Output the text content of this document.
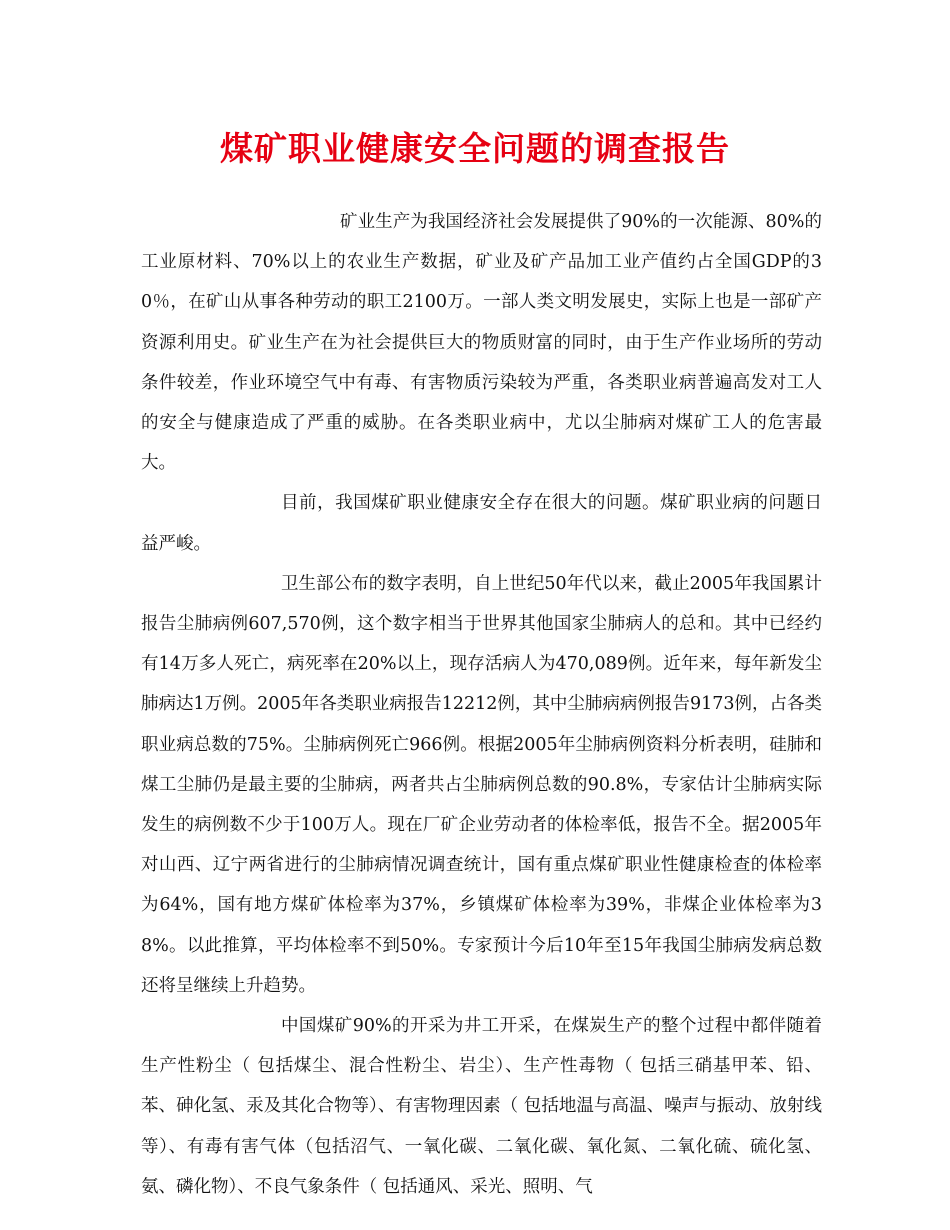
煤矿职业健康安全问题的调查报告

矿业生产为我国经济社会发展提供了90%的一次能源、80%的工业原材料、70%以上的农业生产数据，矿业及矿产品加工业产值约占全国GDP的30％，在矿山从事各种劳动的职工2100万。一部人类文明发展史，实际上也是一部矿产资源利用史。矿业生产在为社会提供巨大的物质财富的同时，由于生产作业场所的劳动条件较差，作业环境空气中有毒、有害物质污染较为严重，各类职业病普遍高发对工人的安全与健康造成了严重的威胁。在各类职业病中，尤以尘肺病对煤矿工人的危害最大。

目前，我国煤矿职业健康安全存在很大的问题。煤矿职业病的问题日益严峻。

卫生部公布的数字表明，自上世纪50年代以来，截止2005年我国累计报告尘肺病例607,570例，这个数字相当于世界其他国家尘肺病人的总和。其中已经约有14万多人死亡，病死率在20%以上，现存活病人为470,089例。近年来，每年新发尘肺病达1万例。2005年各类职业病报告12212例，其中尘肺病病例报告9173例，占各类职业病总数的75%。尘肺病例死亡966例。根据2005年尘肺病例资料分析表明，硅肺和煤工尘肺仍是最主要的尘肺病，两者共占尘肺病例总数的90.8%，专家估计尘肺病实际发生的病例数不少于100万人。现在厂矿企业劳动者的体检率低，报告不全。据2005年对山西、辽宁两省进行的尘肺病情况调查统计，国有重点煤矿职业性健康检查的体检率为64%，国有地方煤矿体检率为37%，乡镇煤矿体检率为39%，非煤企业体检率为38%。以此推算，平均体检率不到50%。专家预计今后10年至15年我国尘肺病发病总数还将呈继续上升趋势。

中国煤矿90%的开采为井工开采，在煤炭生产的整个过程中都伴随着生产性粉尘（ 包括煤尘、混合性粉尘、岩尘）、生产性毒物（ 包括三硝基甲苯、铅、苯、砷化氢、汞及其化合物等）、有害物理因素（ 包括地温与高温、噪声与振动、放射线等）、有毒有害气体（包括沼气、一氧化碳、二氧化碳、氧化氮、二氧化硫、硫化氢、氨、磷化物）、不良气象条件（ 包括通风、采光、照明、气
